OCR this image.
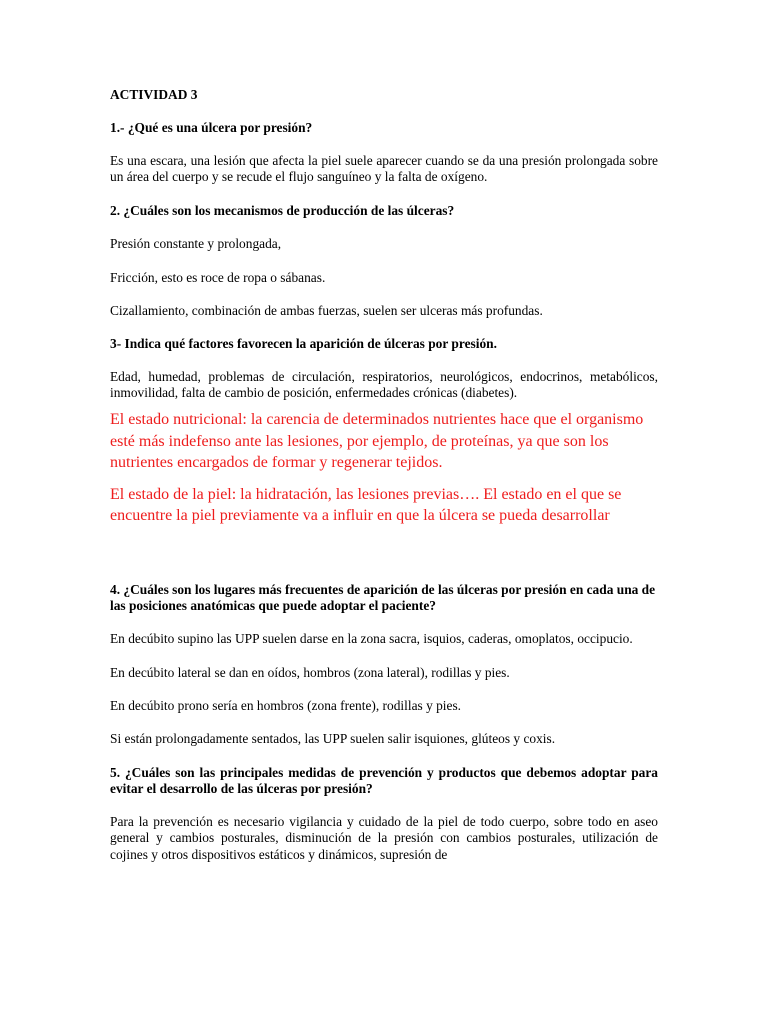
ACTIVIDAD 3

1.- ¿Qué es una úlcera por presión?

Es una escara, una lesión que afecta la piel suele aparecer cuando se da una presión prolongada sobre un área del cuerpo y se recude el flujo sanguíneo y la falta de oxígeno.

2. ¿Cuáles son los mecanismos de producción de las úlceras?

Presión constante y prolongada,

Fricción, esto es roce de ropa o sábanas.

Cizallamiento, combinación de ambas fuerzas, suelen ser ulceras más profundas.

3- Indica qué factores favorecen la aparición de úlceras por presión.

Edad, humedad, problemas de circulación, respiratorios, neurológicos, endocrinos, metabólicos, inmovilidad, falta de cambio de posición, enfermedades crónicas (diabetes).

El estado nutricional: la carencia de determinados nutrientes hace que el organismo esté más indefenso ante las lesiones, por ejemplo, de proteínas, ya que son los nutrientes encargados de formar y regenerar tejidos.

El estado de la piel: la hidratación, las lesiones previas…. El estado en el que se encuentre la piel previamente va a influir en que la úlcera se pueda desarrollar

4. ¿Cuáles son los lugares más frecuentes de aparición de las úlceras por presión en cada una de las posiciones anatómicas que puede adoptar el paciente?

En decúbito supino las UPP suelen darse en la zona sacra, isquios, caderas, omoplatos, occipucio.

En decúbito lateral se dan en oídos, hombros (zona lateral), rodillas y pies.

En decúbito prono sería en hombros (zona frente), rodillas y pies.

Si están prolongadamente sentados, las UPP suelen salir isquiones, glúteos y coxis.

5. ¿Cuáles son las principales medidas de prevención y productos que debemos adoptar para evitar el desarrollo de las úlceras por presión?

Para la prevención es necesario vigilancia y cuidado de la piel de todo cuerpo, sobre todo en aseo general y cambios posturales, disminución de la presión con cambios posturales, utilización de cojines y otros dispositivos estáticos y dinámicos, supresión de
